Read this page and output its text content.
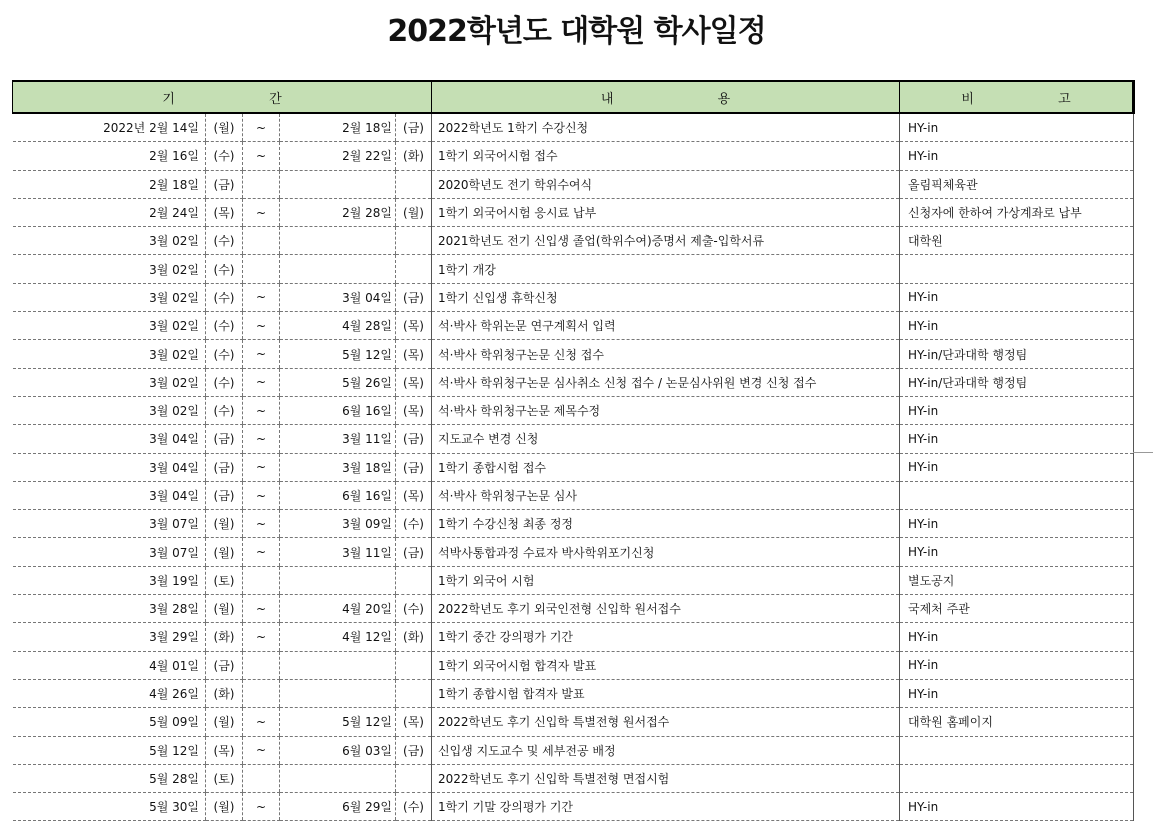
2022학년도 대학원 학사일정
기 간					내 용	비 고
2022년 2월 14일	(월)	~	2월 18일	(금)	2022학년도 1학기 수강신청	HY-in
2월 16일	(수)	~	2월 22일	(화)	1학기 외국어시험 접수	HY-in
2월 18일	(금)				2020학년도 전기 학위수여식	올림픽체육관
2월 24일	(목)	~	2월 28일	(월)	1학기 외국어시험 응시료 납부	신청자에 한하여 가상계좌로 납부
3월 02일	(수)				2021학년도 전기 신입생 졸업(학위수여)증명서 제출-입학서류	대학원
3월 02일	(수)				1학기 개강	
3월 02일	(수)	~	3월 04일	(금)	1학기 신입생 휴학신청	HY-in
3월 02일	(수)	~	4월 28일	(목)	석·박사 학위논문 연구계획서 입력	HY-in
3월 02일	(수)	~	5월 12일	(목)	석·박사 학위청구논문 신청 접수	HY-in/단과대학 행정팀
3월 02일	(수)	~	5월 26일	(목)	석·박사 학위청구논문 심사취소 신청 접수 / 논문심사위원 변경 신청 접수	HY-in/단과대학 행정팀
3월 02일	(수)	~	6월 16일	(목)	석·박사 학위청구논문 제목수정	HY-in
3월 04일	(금)	~	3월 11일	(금)	지도교수 변경 신청	HY-in
3월 04일	(금)	~	3월 18일	(금)	1학기 종합시험 접수	HY-in
3월 04일	(금)	~	6월 16일	(목)	석·박사 학위청구논문 심사	
3월 07일	(월)	~	3월 09일	(수)	1학기 수강신청 최종 정정	HY-in
3월 07일	(월)	~	3월 11일	(금)	석박사통합과정 수료자 박사학위포기신청	HY-in
3월 19일	(토)				1학기 외국어 시험	별도공지
3월 28일	(월)	~	4월 20일	(수)	2022학년도 후기 외국인전형 신입학 원서접수	국제처 주관
3월 29일	(화)	~	4월 12일	(화)	1학기 중간 강의평가 기간	HY-in
4월 01일	(금)				1학기 외국어시험 합격자 발표	HY-in
4월 26일	(화)				1학기 종합시험 합격자 발표	HY-in
5월 09일	(월)	~	5월 12일	(목)	2022학년도 후기 신입학 특별전형 원서접수	대학원 홈페이지
5월 12일	(목)	~	6월 03일	(금)	신입생 지도교수 및 세부전공 배정	
5월 28일	(토)				2022학년도 후기 신입학 특별전형 면접시험	
5월 30일	(월)	~	6월 29일	(수)	1학기 기말 강의평가 기간	HY-in
